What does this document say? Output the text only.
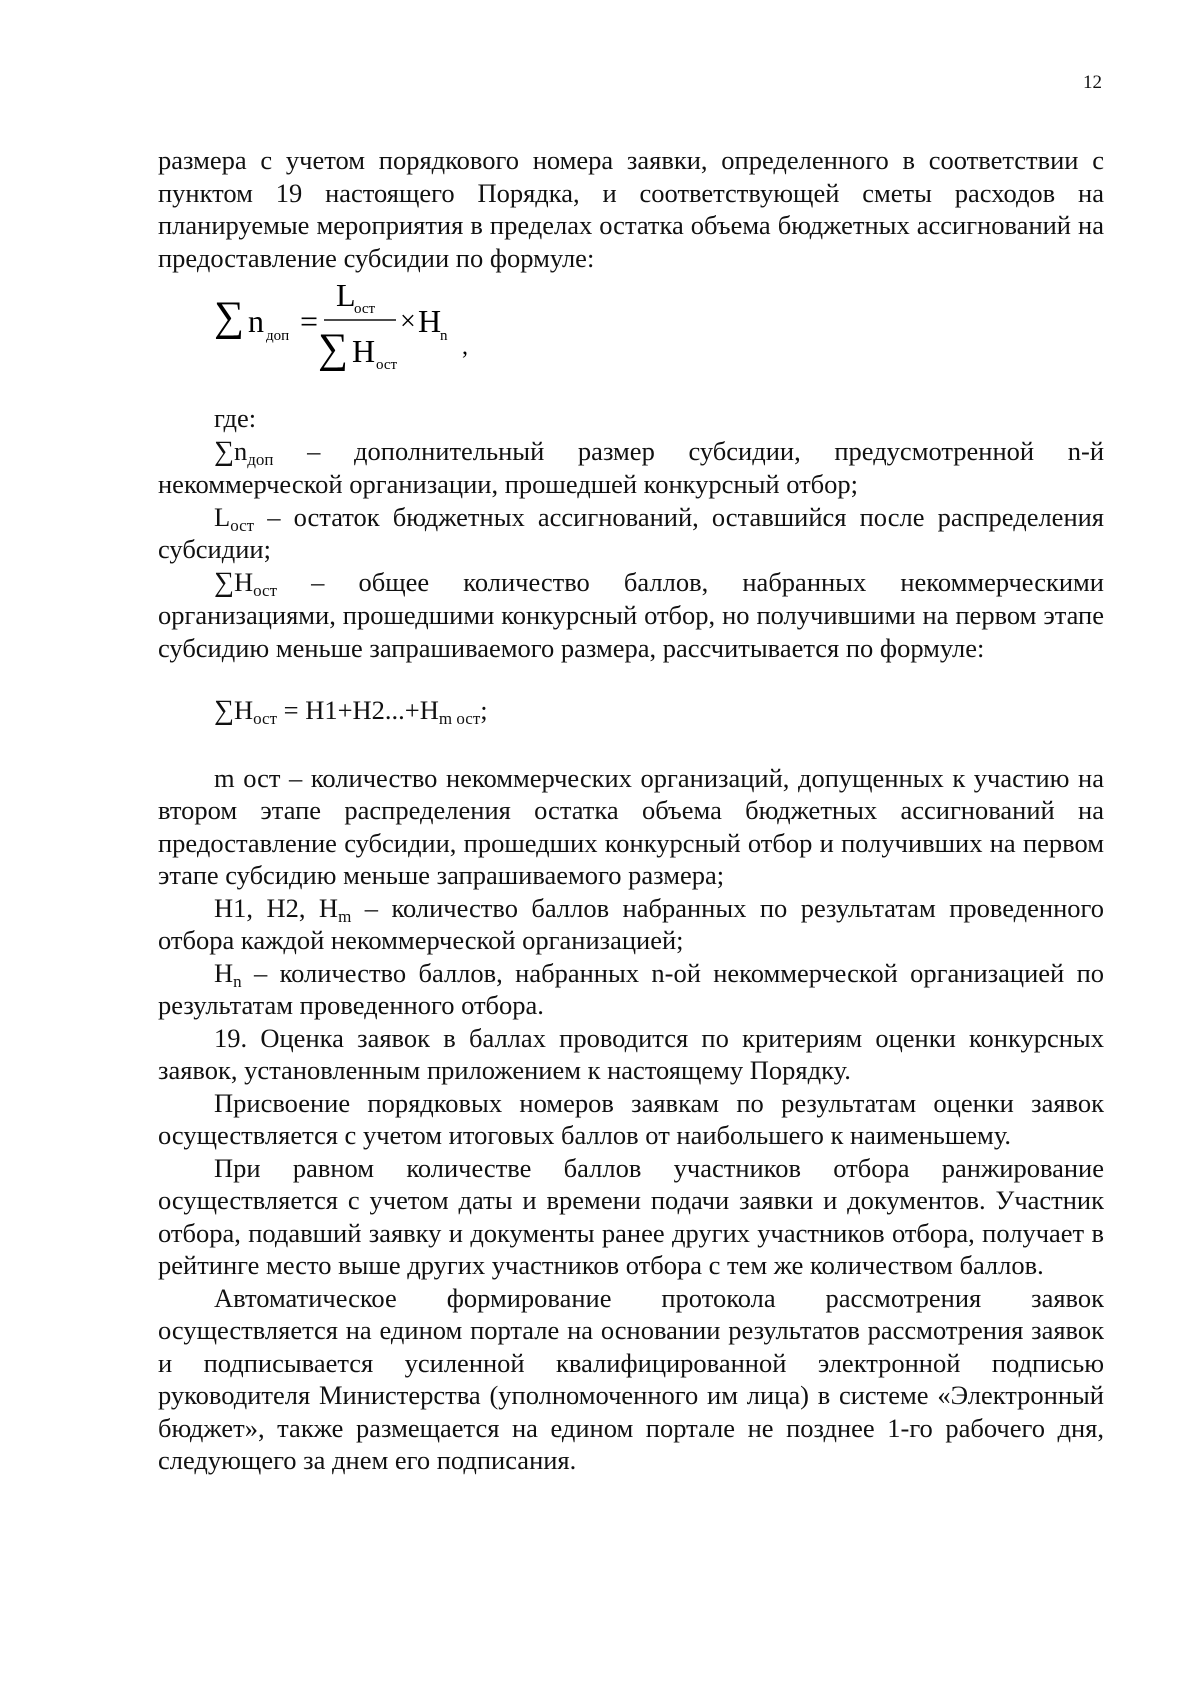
12

размера с учетом порядкового номера заявки, определенного в соответствии с пунктом 19 настоящего Порядка, и соответствующей сметы расходов на планируемые мероприятия в пределах остатка объема бюджетных ассигнований на предоставление субсидии по формуле:

∑ n доп =
L
ост
∑ H ост
× H
n ,

где:

$\sum n_{доп}$ – дополнительный размер субсидии, предусмотренной n-й некоммерческой организации, прошедшей конкурсный отбор;

$L_{ост}$ – остаток бюджетных ассигнований, оставшийся после распределения субсидии;

$\sum H_{ост}$ – общее количество баллов, набранных некоммерческими организациями, прошедшими конкурсный отбор, но получившими на первом этапе субсидию меньше запрашиваемого размера, рассчитывается по формуле:

$\sum H_{ост} = H1+H2...+H_{m ост}$;

m ост – количество некоммерческих организаций, допущенных к участию на втором этапе распределения остатка объема бюджетных ассигнований на предоставление субсидии, прошедших конкурсный отбор и получивших на первом этапе субсидию меньше запрашиваемого размера;

H1, H2, $H_m$ – количество баллов набранных по результатам проведенного отбора каждой некоммерческой организацией;

$H_n$ – количество баллов, набранных n-ой некоммерческой организацией по результатам проведенного отбора.

19. Оценка заявок в баллах проводится по критериям оценки конкурсных заявок, установленным приложением к настоящему Порядку.

Присвоение порядковых номеров заявкам по результатам оценки заявок осуществляется с учетом итоговых баллов от наибольшего к наименьшему.

При равном количестве баллов участников отбора ранжирование осуществляется с учетом даты и времени подачи заявки и документов. Участник отбора, подавший заявку и документы ранее других участников отбора, получает в рейтинге место выше других участников отбора с тем же количеством баллов.

Автоматическое формирование протокола рассмотрения заявок осуществляется на едином портале на основании результатов рассмотрения заявок и подписывается усиленной квалифицированной электронной подписью руководителя Министерства (уполномоченного им лица) в системе «Электронный бюджет», также размещается на едином портале не позднее 1-го рабочего дня, следующего за днем его подписания.
